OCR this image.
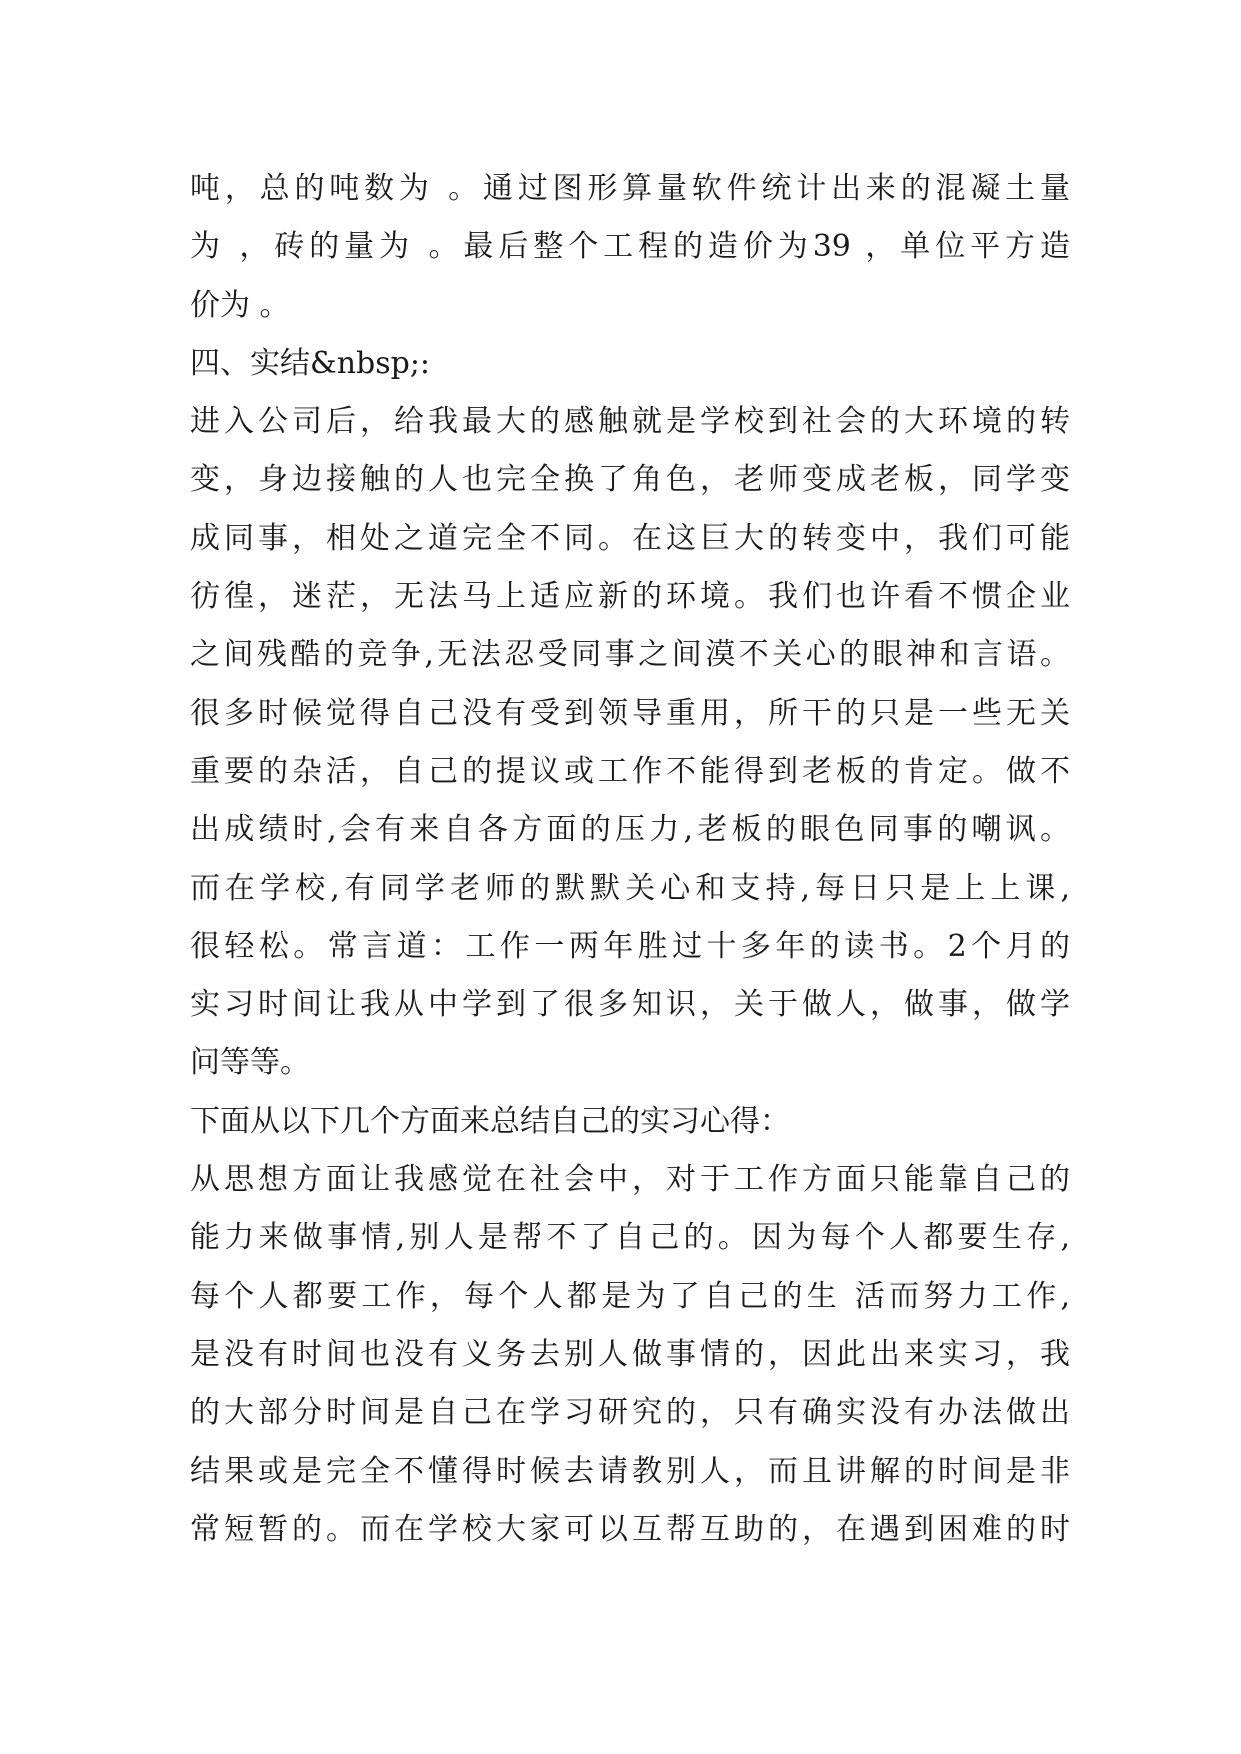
吨，总的吨数为 。通过图形算量软件统计出来的混凝土量
为 ，砖的量为 。最后整个工程的造价为39 ，单位平方造
价为 。
四、实结&nbsp;:
进入公司后，给我最大的感触就是学校到社会的大环境的转
变，身边接触的人也完全换了角色，老师变成老板，同学变
成同事，相处之道完全不同。在这巨大的转变中，我们可能
彷徨，迷茫，无法马上适应新的环境。我们也许看不惯企业
之间残酷的竞争,无法忍受同事之间漠不关心的眼神和言语。
很多时候觉得自己没有受到领导重用，所干的只是一些无关
重要的杂活，自己的提议或工作不能得到老板的肯定。做不
出成绩时,会有来自各方面的压力,老板的眼色同事的嘲讽。
而在学校,有同学老师的默默关心和支持,每日只是上上课,
很轻松。常言道：工作一两年胜过十多年的读书。2个月的
实习时间让我从中学到了很多知识，关于做人，做事，做学
问等等。
下面从以下几个方面来总结自己的实习心得：
从思想方面让我感觉在社会中，对于工作方面只能靠自己的
能力来做事情,别人是帮不了自己的。因为每个人都要生存,
每个人都要工作，每个人都是为了自己的生 活而努力工作,
是没有时间也没有义务去别人做事情的，因此出来实习，我
的大部分时间是自己在学习研究的，只有确实没有办法做出
结果或是完全不懂得时候去请教别人，而且讲解的时间是非
常短暂的。而在学校大家可以互帮互助的，在遇到困难的时
